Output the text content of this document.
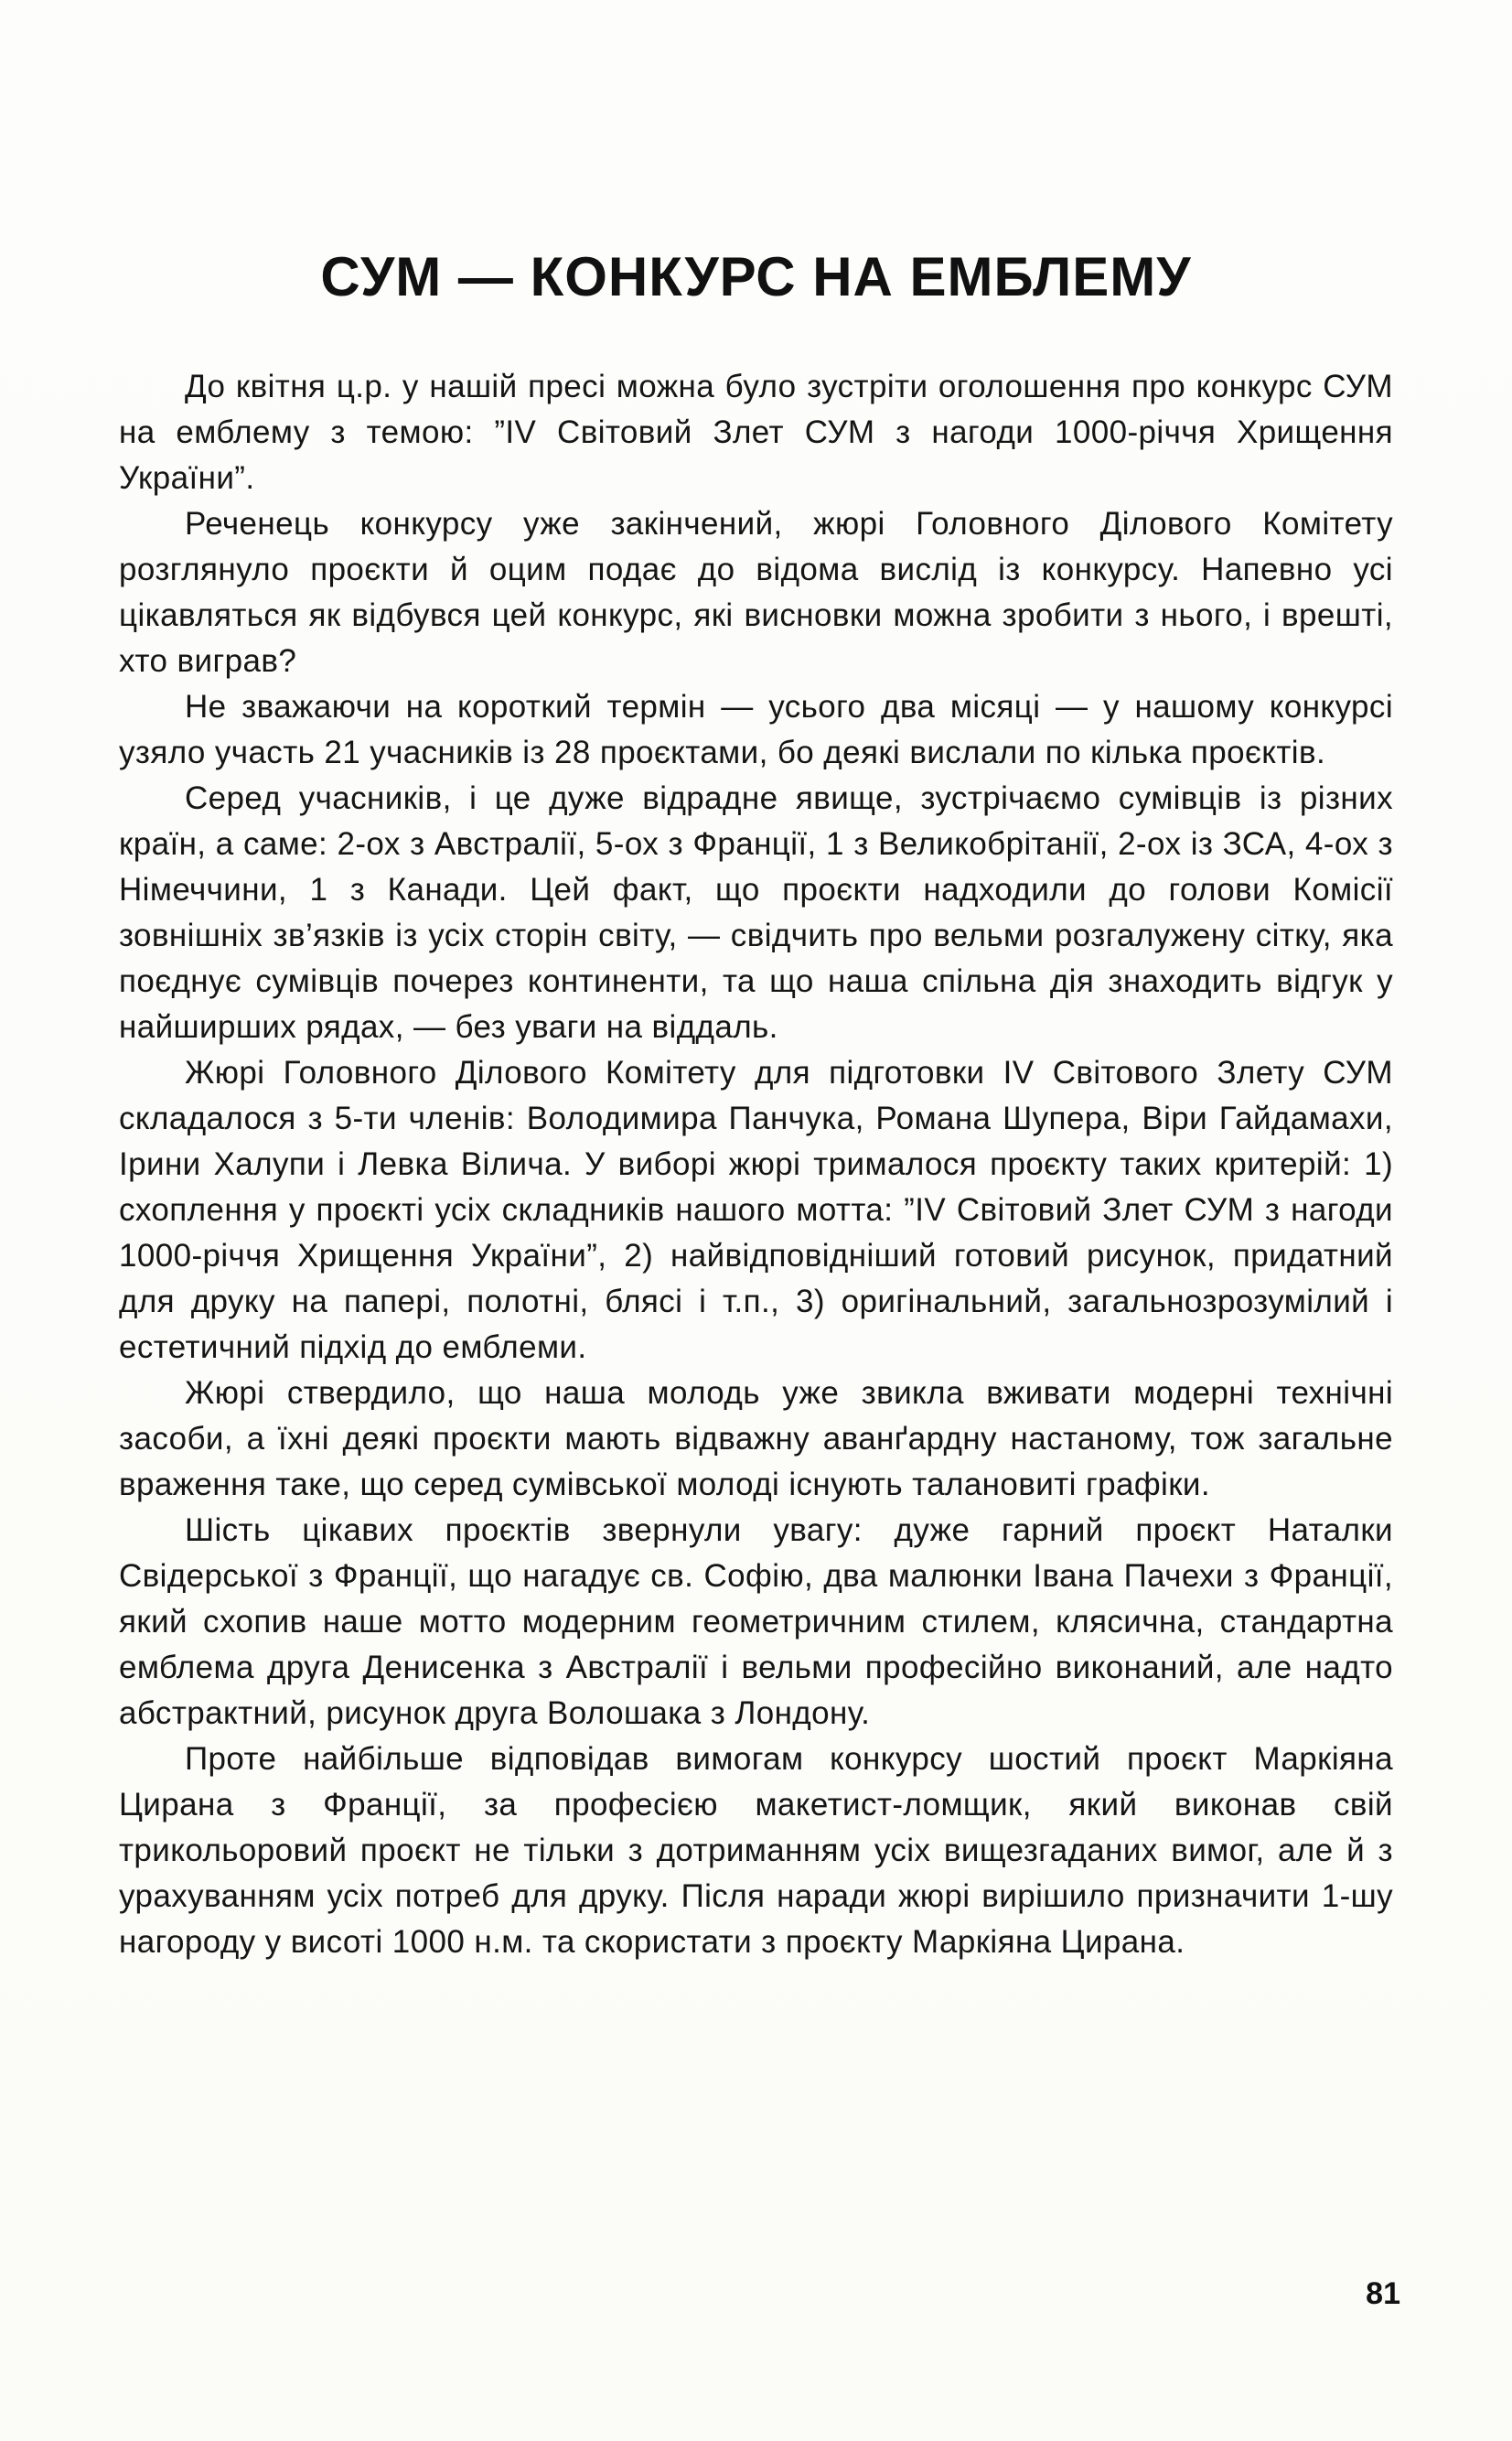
СУМ — КОНКУРС НА ЕМБЛЕМУ

До квітня ц.р. у нашій пресі можна було зустріти оголошення про конкурс СУМ на емблему з темою: ”IV Світовий Злет СУМ з нагоди 1000-річчя Хрищення України”.

Реченець конкурсу уже закінчений, жюрі Головного Ділового Комітету розглянуло проєкти й оцим подає до відома вислід із конкурсу. Напевно усі цікавляться як відбувся цей конкурс, які висновки можна зробити з нього, і врешті, хто виграв?

Не зважаючи на короткий термін — усього два місяці — у нашому конкурсі узяло участь 21 учасників із 28 проєктами, бо деякі вислали по кілька проєктів.

Серед учасників, і це дуже відрадне явище, зустрічаємо сумівців із різних країн, а саме: 2-ох з Австралії, 5-ох з Франції, 1 з Великобрітанії, 2-ох із ЗСА, 4-ох з Німеччини, 1 з Канади. Цей факт, що проєкти надходили до голови Комісії зовнішніх зв’язків із усіх сторін світу, — свідчить про вельми розгалужену сітку, яка поєднує сумівців почерез континенти, та що наша спільна дія знаходить відгук у найширших рядах, — без уваги на віддаль.

Жюрі Головного Ділового Комітету для підготовки IV Світового Злету СУМ складалося з 5-ти членів: Володимира Панчука, Романа Шупера, Віри Гайдамахи, Ірини Халупи і Левка Вілича. У виборі жюрі трималося проєкту таких критерій: 1) схоплення у проєкті усіх складників нашого мотта: ”IV Світовий Злет СУМ з нагоди 1000-річчя Хрищення України”, 2) найвідповідніший готовий рисунок, придатний для друку на папері, полотні, блясі і т.п., 3) оригінальний, загальнозрозумілий і естетичний підхід до емблеми.

Жюрі ствердило, що наша молодь уже звикла вживати модерні технічні засоби, а їхні деякі проєкти мають відважну аванґардну настаному, тож загальне враження таке, що серед сумівської молоді існують талановиті графіки.

Шість цікавих проєктів звернули увагу: дуже гарний проєкт Наталки Свідерської з Франції, що нагадує св. Софію, два малюнки Івана Пачехи з Франції, який схопив наше мотто модерним геометричним стилем, клясична, стандартна емблема друга Денисенка з Австралії і вельми професійно виконаний, але надто абстрактний, рисунок друга Волошака з Лондону.

Проте найбільше відповідав вимогам конкурсу шостий проєкт Маркіяна Цирана з Франції, за професією макетист-ломщик, який виконав свій трикольоровий проєкт не тільки з дотриманням усіх вищезгаданих вимог, але й з урахуванням усіх потреб для друку. Після наради жюрі вирішило призначити 1-шу нагороду у висоті 1000 н.м. та скористати з проєкту Маркіяна Цирана.

81
